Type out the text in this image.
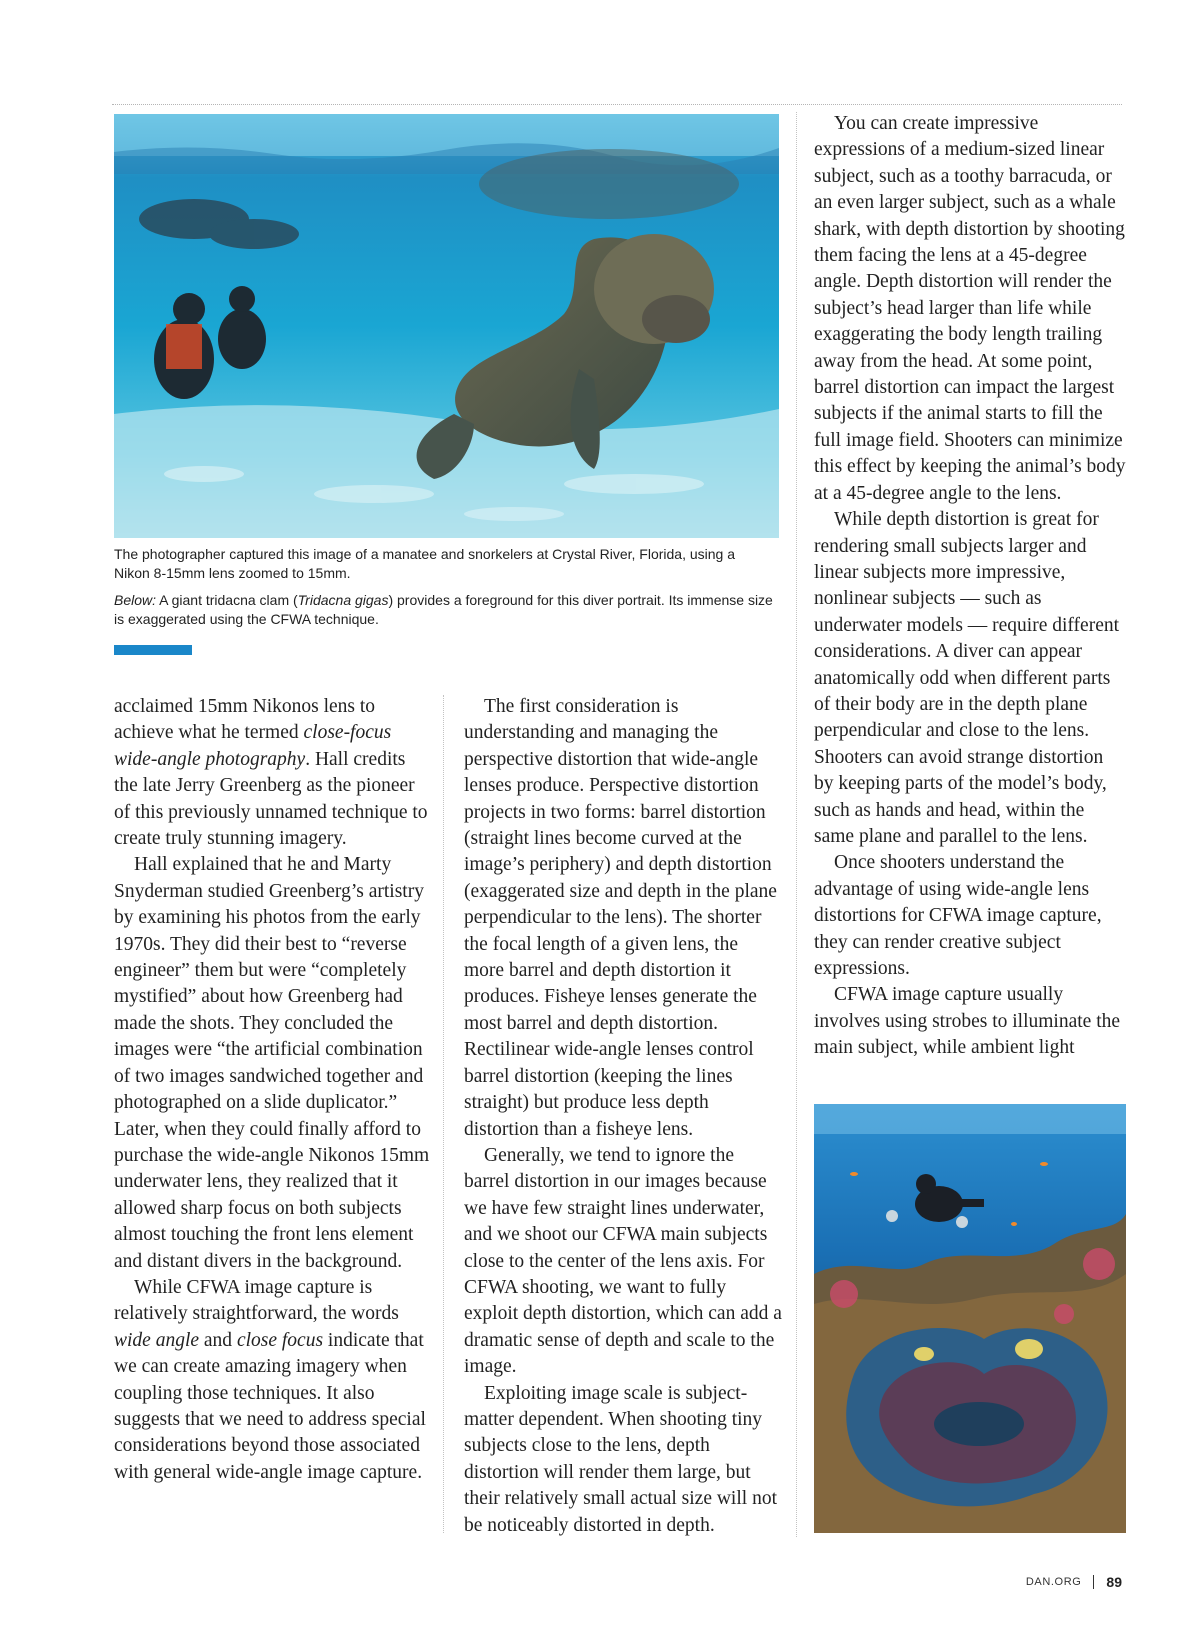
The photographer captured this image of a manatee and snorkelers at Crystal River, Florida, using a Nikon 8-15mm lens zoomed to 15mm.
Below: A giant tridacna clam (Tridacna gigas) provides a foreground for this diver portrait. Its immense size is exaggerated using the CFWA technique.

acclaimed 15mm Nikonos lens to achieve what he termed close-focus wide-angle photography. Hall credits the late Jerry Greenberg as the pioneer of this previously unnamed technique to create truly stunning imagery.

Hall explained that he and Marty Snyderman studied Greenberg’s artistry by examining his photos from the early 1970s. They did their best to “reverse engineer” them but were “completely mystified” about how Greenberg had made the shots. They concluded the images were “the artificial combination of two images sandwiched together and photographed on a slide duplicator.” Later, when they could finally afford to purchase the wide-angle Nikonos 15mm underwater lens, they realized that it allowed sharp focus on both subjects almost touching the front lens element and distant divers in the background.

While CFWA image capture is relatively straightforward, the words wide angle and close focus indicate that we can create amazing imagery when coupling those techniques. It also suggests that we need to address special considerations beyond those associated with general wide-angle image capture.

The first consideration is understanding and managing the perspective distortion that wide-angle lenses produce. Perspective distortion projects in two forms: barrel distortion (straight lines become curved at the image’s periphery) and depth distortion (exaggerated size and depth in the plane perpendicular to the lens). The shorter the focal length of a given lens, the more barrel and depth distortion it produces. Fisheye lenses generate the most barrel and depth distortion. Rectilinear wide-angle lenses control barrel distortion (keeping the lines straight) but produce less depth distortion than a fisheye lens.

Generally, we tend to ignore the barrel distortion in our images because we have few straight lines underwater, and we shoot our CFWA main subjects close to the center of the lens axis. For CFWA shooting, we want to fully exploit depth distortion, which can add a dramatic sense of depth and scale to the image.

Exploiting image scale is subject-matter dependent. When shooting tiny subjects close to the lens, depth distortion will render them large, but their relatively small actual size will not be noticeably distorted in depth.

You can create impressive expressions of a medium-sized linear subject, such as a toothy barracuda, or an even larger subject, such as a whale shark, with depth distortion by shooting them facing the lens at a 45-degree angle. Depth distortion will render the subject’s head larger than life while exaggerating the body length trailing away from the head. At some point, barrel distortion can impact the largest subjects if the animal starts to fill the full image field. Shooters can minimize this effect by keeping the animal’s body at a 45-degree angle to the lens.

While depth distortion is great for rendering small subjects larger and linear subjects more impressive, nonlinear subjects — such as underwater models — require different considerations. A diver can appear anatomically odd when different parts of their body are in the depth plane perpendicular and close to the lens. Shooters can avoid strange distortion by keeping parts of the model’s body, such as hands and head, within the same plane and parallel to the lens.

Once shooters understand the advantage of using wide-angle lens distortions for CFWA image capture, they can render creative subject expressions.

CFWA image capture usually involves using strobes to illuminate the main subject, while ambient light

DAN.ORG 89
